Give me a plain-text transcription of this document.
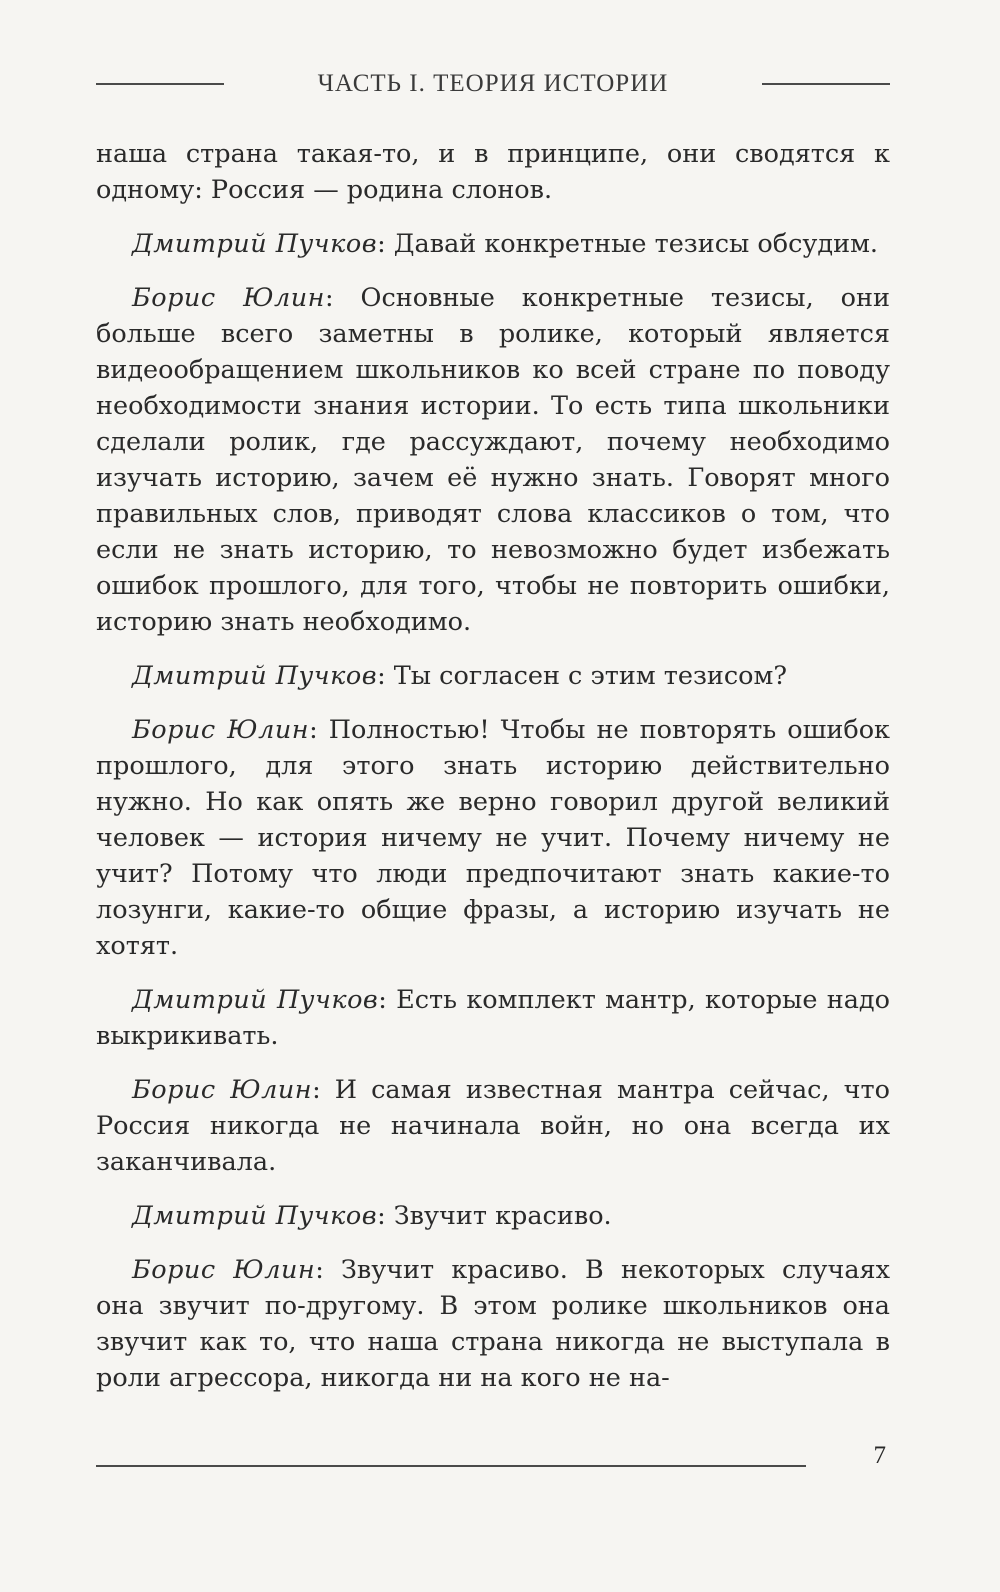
ЧАСТЬ I. ТЕОРИЯ ИСТОРИИ

наша страна такая-то, и в принципе, они сводятся к одному: Россия — родина слонов.

Дмитрий Пучков: Давай конкретные тезисы обсудим.

Борис Юлин: Основные конкретные тезисы, они больше всего заметны в ролике, который является видеообращением школьников ко всей стране по поводу необходимости знания истории. То есть типа школьники сделали ролик, где рассуждают, почему необходимо изучать историю, зачем её нужно знать. Говорят много правильных слов, приводят слова классиков о том, что если не знать историю, то невозможно будет избежать ошибок прошлого, для того, чтобы не повторить ошибки, историю знать необходимо.

Дмитрий Пучков: Ты согласен с этим тезисом?

Борис Юлин: Полностью! Чтобы не повторять ошибок прошлого, для этого знать историю действительно нужно. Но как опять же верно говорил другой великий человек — история ничему не учит. Почему ничему не учит? Потому что люди предпочитают знать какие-то лозунги, какие-то общие фразы, а историю изучать не хотят.

Дмитрий Пучков: Есть комплект мантр, которые надо выкрикивать.

Борис Юлин: И самая известная мантра сейчас, что Россия никогда не начинала войн, но она всегда их заканчивала.

Дмитрий Пучков: Звучит красиво.

Борис Юлин: Звучит красиво. В некоторых случаях она звучит по-другому. В этом ролике школьников она звучит как то, что наша страна никогда не выступала в роли агрессора, никогда ни на кого не на-

7
